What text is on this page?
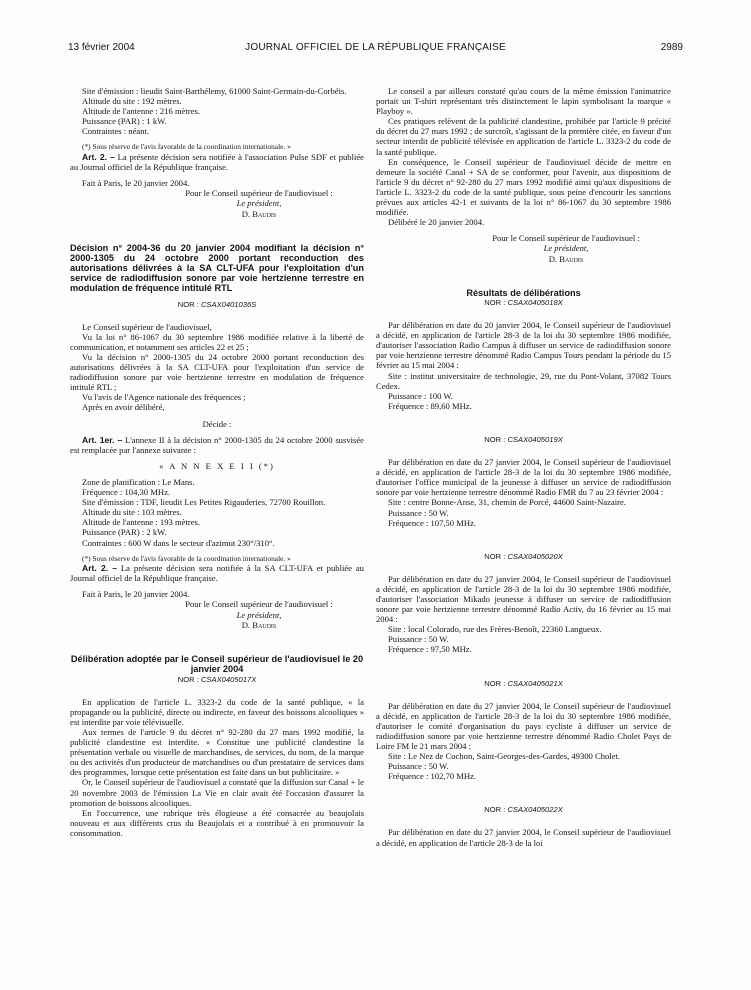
13 février 2004	JOURNAL OFFICIEL DE LA RÉPUBLIQUE FRANÇAISE	2989

Site d'émission : lieudit Saint-Barthélemy, 61000 Saint-Germain-du-Corbéis.

Altitude du site : 192 mètres.

Altitude de l'antenne : 216 mètres.

Puissance (PAR) : 1 kW.

Contraintes : néant.

(*) Sous réserve de l'avis favorable de la coordination internationale. »

Art. 2. – La présente décision sera notifiée à l'association Pulse SDF et publiée au Journal officiel de la République française.

Fait à Paris, le 20 janvier 2004.

Pour le Conseil supérieur de l'audiovisuel :
Le président,
D. Baudis

Décision n° 2004-36 du 20 janvier 2004 modifiant la décision n° 2000-1305 du 24 octobre 2000 portant reconduction des autorisations délivrées à la SA CLT-UFA pour l'exploitation d'un service de radiodiffusion sonore par voie hertzienne terrestre en modulation de fréquence intitulé RTL

NOR : CSAX0401036S

Le Conseil supérieur de l'audiovisuel,

Vu la loi n° 86-1067 du 30 septembre 1986 modifiée relative à la liberté de communication, et notamment ses articles 22 et 25 ;

Vu la décision n° 2000-1305 du 24 octobre 2000 portant reconduction des autorisations délivrées à la SA CLT-UFA pour l'exploitation d'un service de radiodiffusion sonore par voie hertzienne terrestre en modulation de fréquence intitulé RTL ;

Vu l'avis de l'Agence nationale des fréquences ;

Après en avoir délibéré,

Décide :

Art. 1er. – L'annexe II à la décision n° 2000-1305 du 24 octobre 2000 susvisée est remplacée par l'annexe suivante :

« A N N E X E I I (*)

Zone de planification : Le Mans.

Fréquence : 104,30 MHz.

Site d'émission : TDF, lieudit Les Petites Rigauderies, 72700 Rouillon.

Altitude du site : 103 mètres.

Altitude de l'antenne : 193 mètres.

Puissance (PAR) : 2 kW.

Contraintes : 600 W dans le secteur d'azimut 230°/310°.

(*) Sous réserve de l'avis favorable de la coordination internationale. »

Art. 2. – La présente décision sera notifiée à la SA CLT-UFA et publiée au Journal officiel de la République française.

Fait à Paris, le 20 janvier 2004.

Pour le Conseil supérieur de l'audiovisuel :
Le président,
D. Baudis

Délibération adoptée par le Conseil supérieur de l'audiovisuel le 20 janvier 2004

NOR : CSAX0405017X

En application de l'article L. 3323-2 du code de la santé publique, « la propagande ou la publicité, directe ou indirecte, en faveur des boissons alcooliques » est interdite par voie télévisuelle.

Aux termes de l'article 9 du décret n° 92-280 du 27 mars 1992 modifié, la publicité clandestine est interdite. « Constitue une publicité clandestine la présentation verbale ou visuelle de marchandises, de services, du nom, de la marque ou des activités d'un producteur de marchandises ou d'un prestataire de services dans des programmes, lorsque cette présentation est faite dans un but publicitaire. »

Or, le Conseil supérieur de l'audiovisuel a constaté que la diffusion sur Canal + le 20 novembre 2003 de l'émission La Vie en clair avait été l'occasion d'assurer la promotion de boissons alcooliques.

En l'occurrence, une rubrique très élogieuse a été consacrée au beaujolais nouveau et aux différents crus du Beaujolais et a contribué à en promouvoir la consommation.

Le conseil a par ailleurs constaté qu'au cours de la même émission l'animatrice portait un T-shirt représentant très distinctement le lapin symbolisant la marque « Playboy ».

Ces pratiques relèvent de la publicité clandestine, prohibée par l'article 9 précité du décret du 27 mars 1992 ; de surcroît, s'agissant de la première citée, en faveur d'un secteur interdit de publicité télévisée en application de l'article L. 3323-2 du code de la santé publique.

En conséquence, le Conseil supérieur de l'audiovisuel décide de mettre en demeure la société Canal + SA de se conformer, pour l'avenir, aux dispositions de l'article 9 du décret n° 92-280 du 27 mars 1992 modifié ainsi qu'aux dispositions de l'article L. 3323-2 du code de la santé publique, sous peine d'encourir les sanctions prévues aux articles 42-1 et suivants de la loi n° 86-1067 du 30 septembre 1986 modifiée.

Délibéré le 20 janvier 2004.

Pour le Conseil supérieur de l'audiovisuel :
Le président,
D. Baudis

Résultats de délibérations

NOR : CSAX0405018X

Par délibération en date du 20 janvier 2004, le Conseil supérieur de l'audiovisuel a décidé, en application de l'article 28-3 de la loi du 30 septembre 1986 modifiée, d'autoriser l'association Radio Campus à diffuser un service de radiodiffusion sonore par voie hertzienne terrestre dénommé Radio Campus Tours pendant la période du 15 février au 15 mai 2004 :

Site : institut universitaire de technologie, 29, rue du Pont-Volant, 37082 Tours Cedex.

Puissance : 100 W.

Fréquence : 89,60 MHz.

NOR : CSAX0405019X

Par délibération en date du 27 janvier 2004, le Conseil supérieur de l'audiovisuel a décidé, en application de l'article 28-3 de la loi du 30 septembre 1986 modifiée, d'autoriser l'office municipal de la jeunesse à diffuser un service de radiodiffusion sonore par voie hertzienne terrestre dénommé Radio FMR du 7 au 23 février 2004 :

Site : centre Bonne-Anse, 31, chemin de Porcé, 44600 Saint-Nazaire.

Puissance : 50 W.

Fréquence : 107,50 MHz.

NOR : CSAX0405020X

Par délibération en date du 27 janvier 2004, le Conseil supérieur de l'audiovisuel a décidé, en application de l'article 28-3 de la loi du 30 septembre 1986 modifiée, d'autoriser l'association Mikado jeunesse à diffuser un service de radiodiffusion sonore par voie hertzienne terrestre dénommé Radio Activ, du 16 février au 15 mai 2004 :

Site : local Colorado, rue des Frères-Benoît, 22360 Langueux.

Puissance : 50 W.

Fréquence : 97,50 MHz.

NOR : CSAX0405021X

Par délibération en date du 27 janvier 2004, le Conseil supérieur de l'audiovisuel a décidé, en application de l'article 28-3 de la loi du 30 septembre 1986 modifiée, d'autoriser le comité d'organisation du pays cycliste à diffuser un service de radiodiffusion sonore par voie hertzienne terrestre dénommé Radio Cholet Pays de Loire FM le 21 mars 2004 :

Site : Le Nez de Cochon, Saint-Georges-des-Gardes, 49300 Cholet.

Puissance : 50 W.

Fréquence : 102,70 MHz.

NOR : CSAX0405022X

Par délibération en date du 27 janvier 2004, le Conseil supérieur de l'audiovisuel a décidé, en application de l'article 28-3 de la loi
